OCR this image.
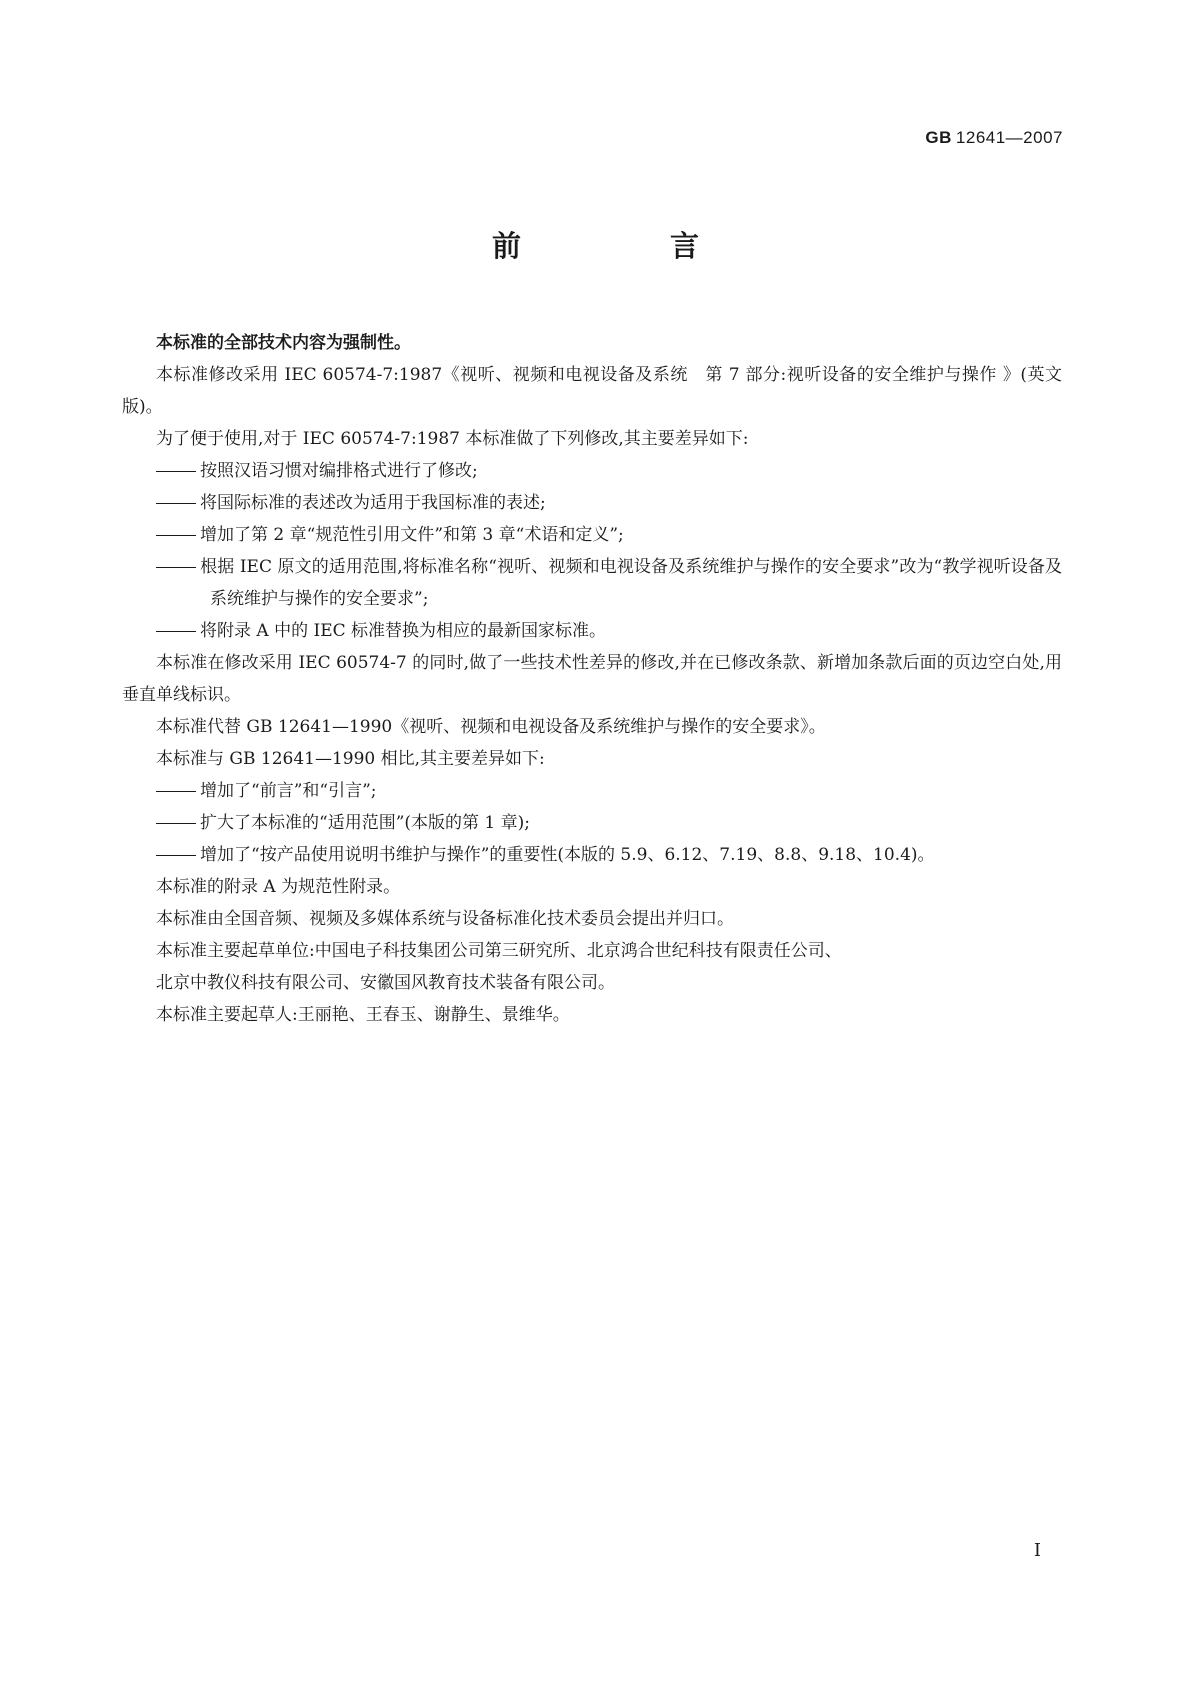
GB 12641—2007
前　言

本标准的全部技术内容为强制性。

本标准修改采用 IEC 60574-7:1987《视听、视频和电视设备及系统　第 7 部分:视听设备的安全维护与操作 》(英文版)。

为了便于使用,对于 IEC 60574-7:1987 本标准做了下列修改,其主要差异如下:

按照汉语习惯对编排格式进行了修改;

将国际标准的表述改为适用于我国标准的表述;

增加了第 2 章“规范性引用文件”和第 3 章“术语和定义”;

根据 IEC 原文的适用范围,将标准名称“视听、视频和电视设备及系统维护与操作的安全要求”改为“教学视听设备及系统维护与操作的安全要求”;

将附录 A 中的 IEC 标准替换为相应的最新国家标准。

本标准在修改采用 IEC 60574-7 的同时,做了一些技术性差异的修改,并在已修改条款、新增加条款后面的页边空白处,用垂直单线标识。

本标准代替 GB 12641—1990《视听、视频和电视设备及系统维护与操作的安全要求》。

本标准与 GB 12641—1990 相比,其主要差异如下:

增加了“前言”和“引言”;

扩大了本标准的“适用范围”(本版的第 1 章);

增加了“按产品使用说明书维护与操作”的重要性(本版的 5.9、6.12、7.19、8.8、9.18、10.4)。

本标准的附录 A 为规范性附录。

本标准由全国音频、视频及多媒体系统与设备标准化技术委员会提出并归口。

本标准主要起草单位:中国电子科技集团公司第三研究所、北京鸿合世纪科技有限责任公司、

北京中教仪科技有限公司、安徽国风教育技术装备有限公司。

本标准主要起草人:王丽艳、王春玉、谢静生、景维华。

I
